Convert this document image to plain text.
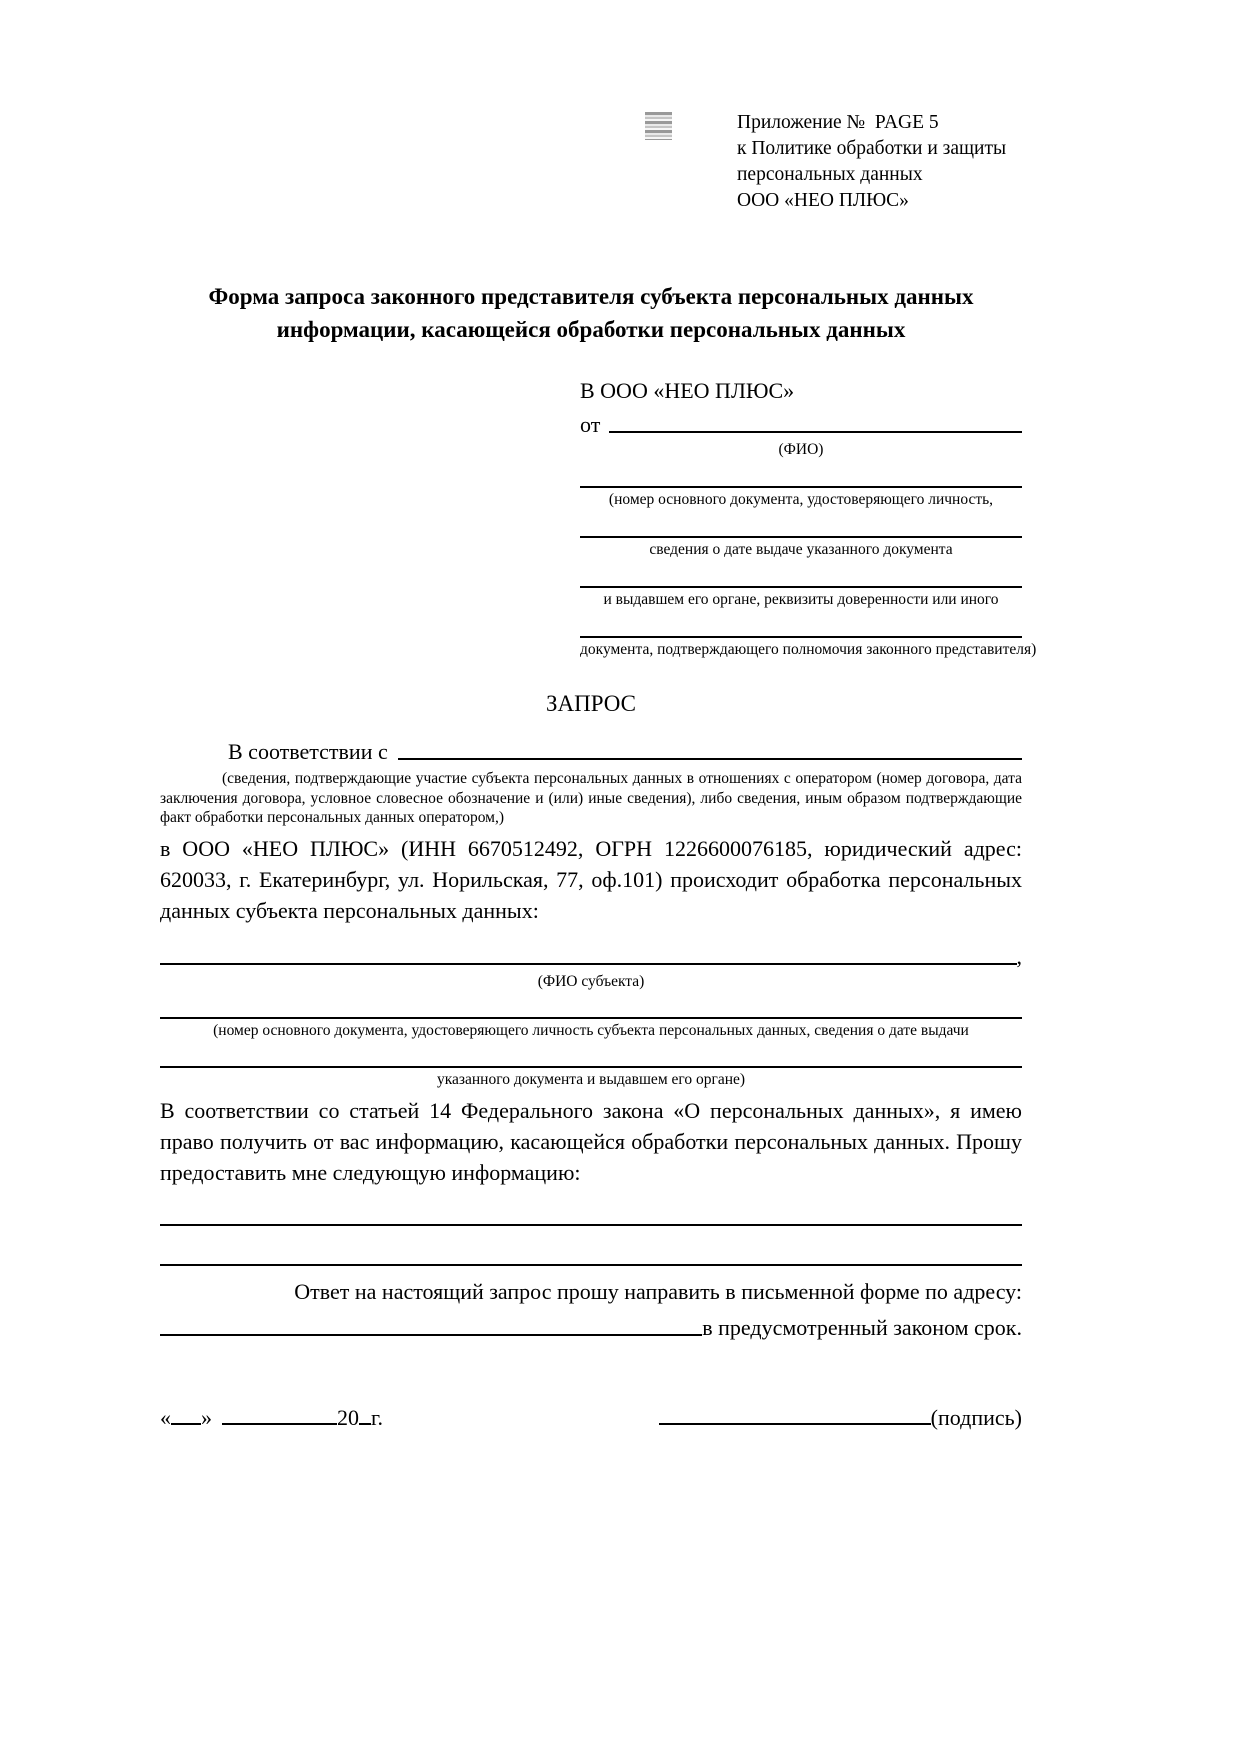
Приложение №  PAGE 5
к Политике обработки и защиты
персональных данных
ООО «НЕО ПЛЮС»
Форма запроса законного представителя субъекта персональных данных информации, касающейся обработки персональных данных
В ООО «НЕО ПЛЮС»
от
(ФИО)
(номер основного документа, удостоверяющего личность,
сведения о дате выдаче указанного документа
и выдавшем его органе, реквизиты доверенности или иного
документа, подтверждающего полномочия законного представителя)
ЗАПРОС
В соответствии с
(сведения, подтверждающие участие субъекта персональных данных в отношениях с оператором (номер договора, дата заключения договора, условное словесное обозначение и (или) иные сведения), либо сведения, иным образом подтверждающие факт обработки персональных данных оператором,)
в ООО «НЕО ПЛЮС» (ИНН 6670512492, ОГРН 1226600076185, юридический адрес: 620033, г. Екатеринбург, ул. Норильская, 77, оф.101) происходит обработка персональных данных субъекта персональных данных:
,
(ФИО субъекта)
(номер основного документа, удостоверяющего личность субъекта персональных данных, сведения о дате выдачи
указанного документа и выдавшем его органе)
В соответствии со статьей 14 Федерального закона «О персональных данных», я имею право получить от вас информацию, касающейся обработки персональных данных. Прошу предоставить мне следующую информацию:
Ответ на настоящий запрос прошу направить в письменной форме по адресу:
в предусмотренный законом срок.
« »	20 г.	(подпись)
